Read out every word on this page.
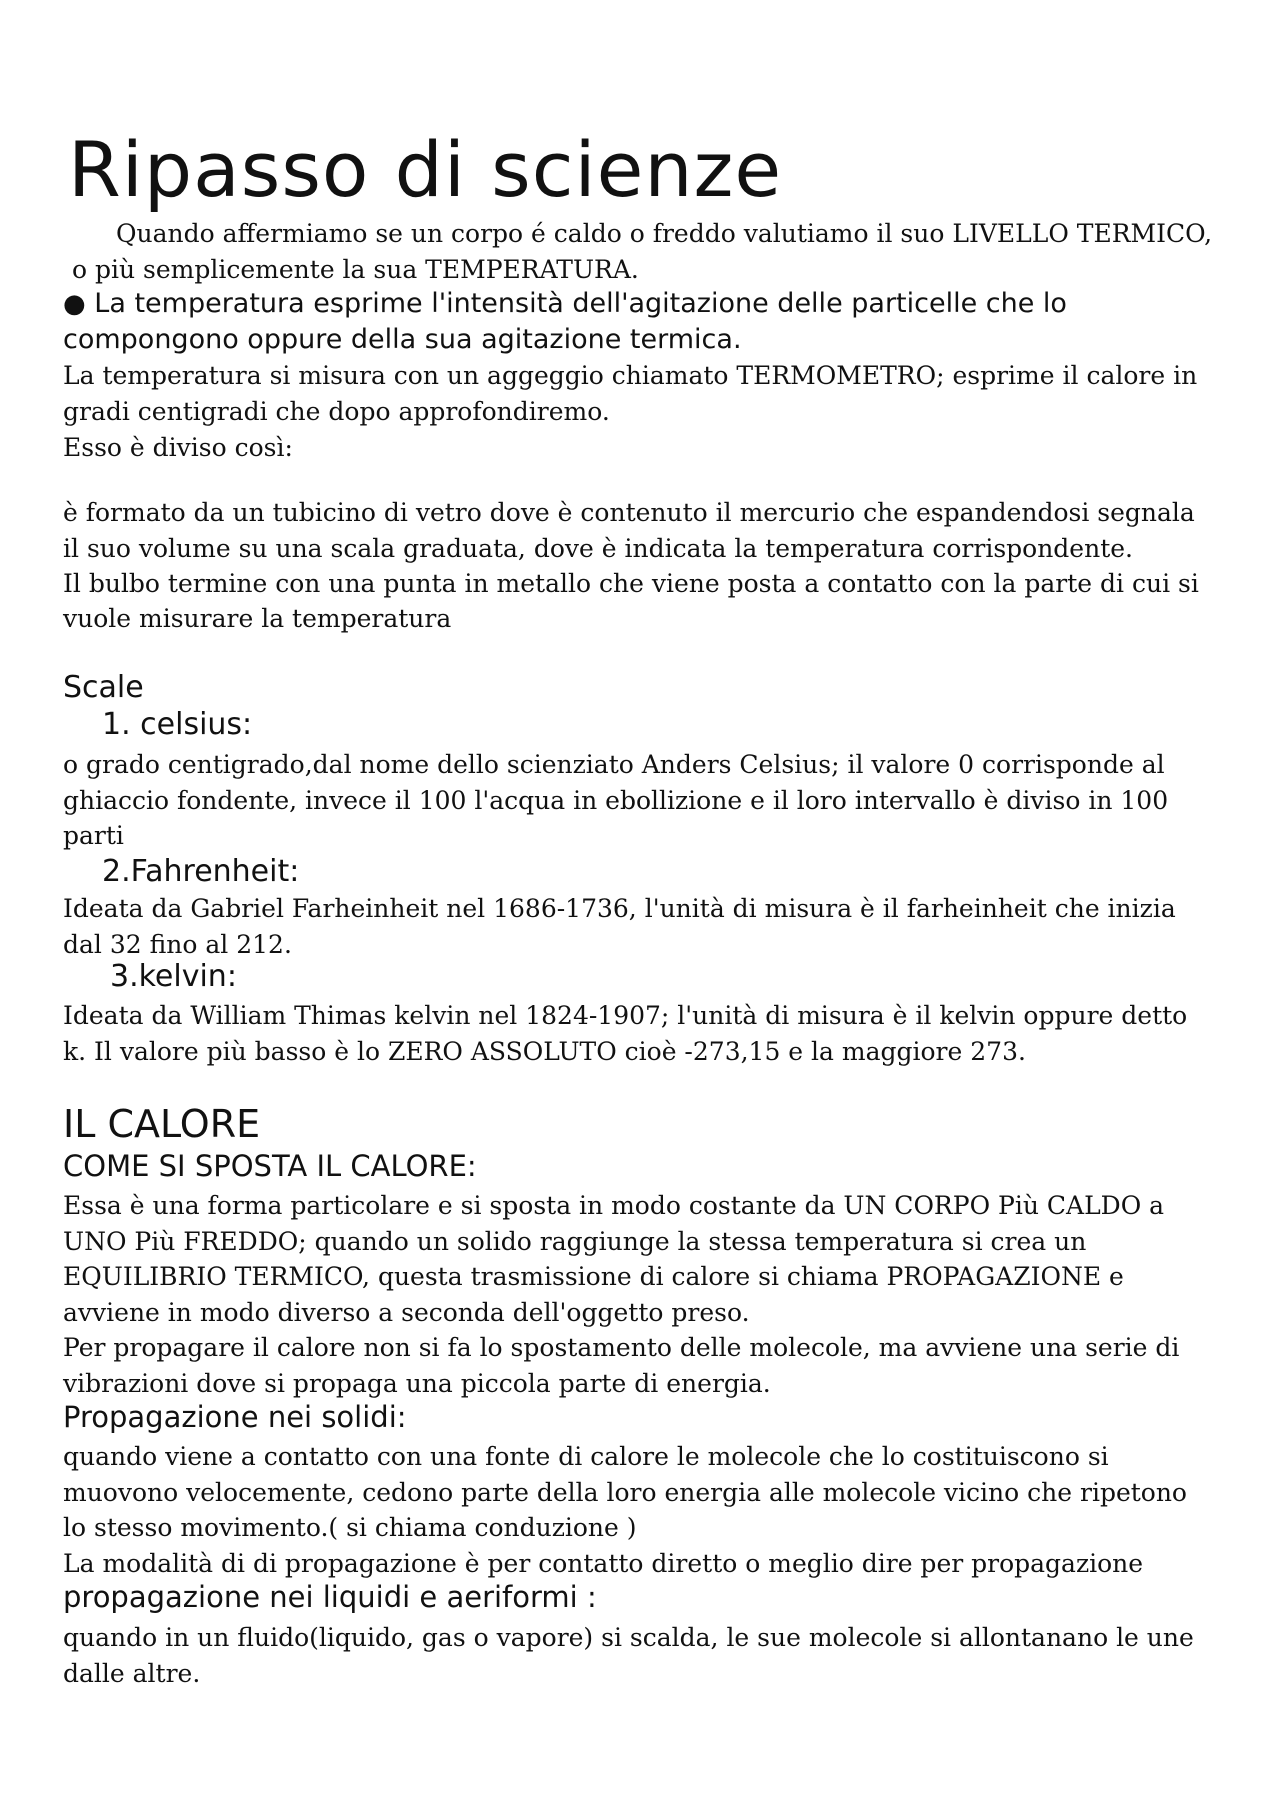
Ripasso di scienze
Quando affermiamo se un corpo é caldo o freddo valutiamo il suo LIVELLO TERMICO,
o più semplicemente la sua TEMPERATURA.
● La temperatura esprime l'intensità dell'agitazione delle particelle che lo
compongono oppure della sua agitazione termica.
La temperatura si misura con un aggeggio chiamato TERMOMETRO; esprime il calore in
gradi centigradi che dopo approfondiremo.
Esso è diviso così:
è formato da un tubicino di vetro dove è contenuto il mercurio che espandendosi segnala
il suo volume su una scala graduata, dove è indicata la temperatura corrispondente.
Il bulbo termine con una punta in metallo che viene posta a contatto con la parte di cui si
vuole misurare la temperatura
Scale
1. celsius:
o grado centigrado,dal nome dello scienziato Anders Celsius; il valore 0 corrisponde al
ghiaccio fondente, invece il 100 l'acqua in ebollizione e il loro intervallo è diviso in 100
parti
2.Fahrenheit:
Ideata da Gabriel Farheinheit nel 1686-1736, l'unità di misura è il farheinheit che inizia
dal 32 fino al 212.
3.kelvin:
Ideata da William Thimas kelvin nel 1824-1907; l'unità di misura è il kelvin oppure detto
k. Il valore più basso è lo ZERO ASSOLUTO cioè -273,15 e la maggiore 273.
IL CALORE
COME SI SPOSTA IL CALORE:
Essa è una forma particolare e si sposta in modo costante da UN CORPO Più CALDO a
UNO Più FREDDO; quando un solido raggiunge la stessa temperatura si crea un
EQUILIBRIO TERMICO, questa trasmissione di calore si chiama PROPAGAZIONE e
avviene in modo diverso a seconda dell'oggetto preso.
Per propagare il calore non si fa lo spostamento delle molecole, ma avviene una serie di
vibrazioni dove si propaga una piccola parte di energia.
Propagazione nei solidi:
quando viene a contatto con una fonte di calore le molecole che lo costituiscono si
muovono velocemente, cedono parte della loro energia alle molecole vicino che ripetono
lo stesso movimento.( si chiama conduzione )
La modalità di di propagazione è per contatto diretto o meglio dire per propagazione
propagazione nei liquidi e aeriformi :
quando in un fluido(liquido, gas o vapore) si scalda, le sue molecole si allontanano le une
dalle altre.
